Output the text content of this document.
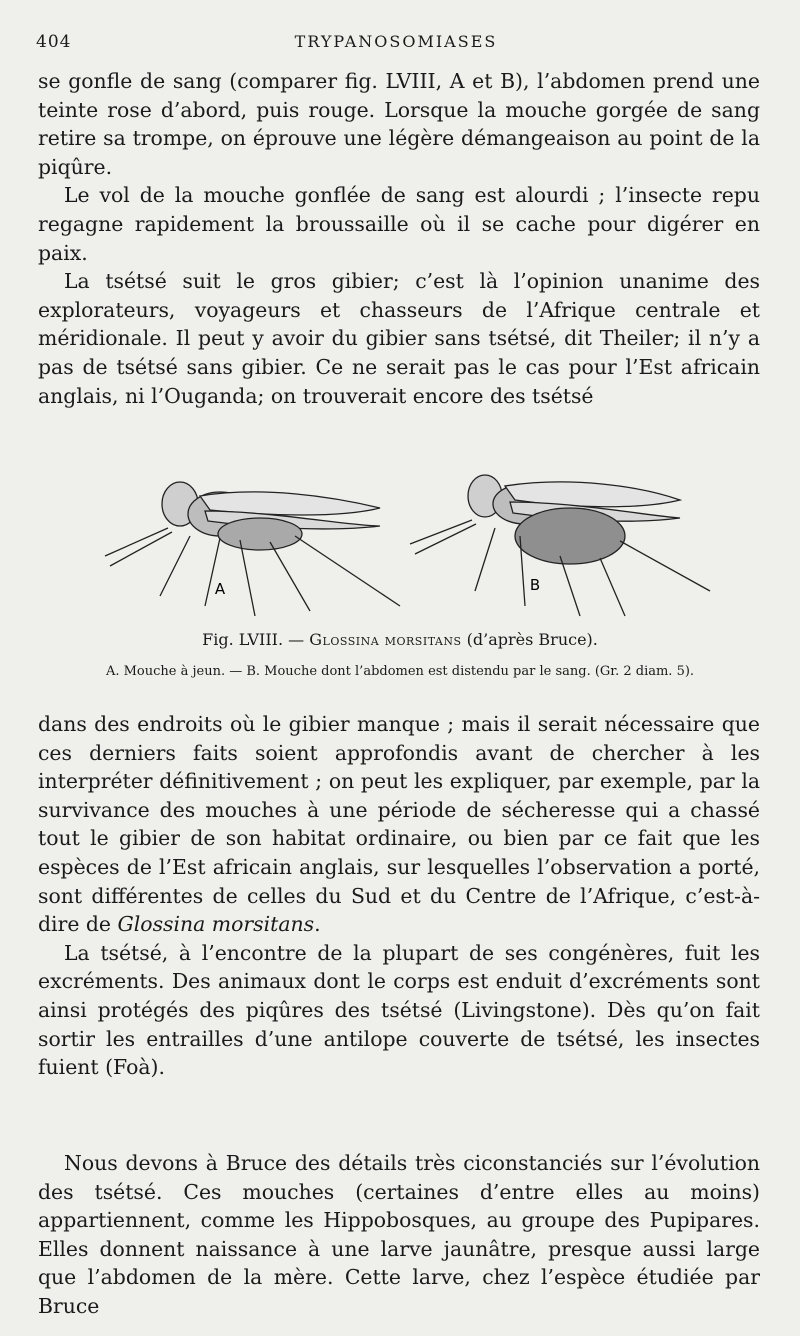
404	TRYPANOSOMIASES

se gonfle de sang (comparer fig. LVIII, A et B), l’abdomen prend une teinte rose d’abord, puis rouge. Lorsque la mouche gorgée de sang retire sa trompe, on éprouve une légère démangeaison au point de la piqûre.

Le vol de la mouche gonflée de sang est alourdi ; l’insecte repu regagne rapidement la broussaille où il se cache pour digérer en paix.

La tsétsé suit le gros gibier; c’est là l’opinion unanime des explorateurs, voyageurs et chasseurs de l’Afrique centrale et méridionale. Il peut y avoir du gibier sans tsétsé, dit Theiler; il n’y a pas de tsétsé sans gibier. Ce ne serait pas le cas pour l’Est africain anglais, ni l’Ouganda; on trouverait encore des tsétsé

A	B
Fig. LVIII. — Glossina morsitans (d’après Bruce).
A. Mouche à jeun. — B. Mouche dont l’abdomen est distendu par le sang. (Gr. 2 diam. 5).

dans des endroits où le gibier manque ; mais il serait nécessaire que ces derniers faits soient approfondis avant de chercher à les interpréter définitivement ; on peut les expliquer, par exemple, par la survivance des mouches à une période de sécheresse qui a chassé tout le gibier de son habitat ordinaire, ou bien par ce fait que les espèces de l’Est africain anglais, sur lesquelles l’observation a porté, sont différentes de celles du Sud et du Centre de l’Afrique, c’est-à-dire de Glossina morsitans.

La tsétsé, à l’encontre de la plupart de ses congénères, fuit les excréments. Des animaux dont le corps est enduit d’excréments sont ainsi protégés des piqûres des tsétsé (Livingstone). Dès qu’on fait sortir les entrailles d’une antilope couverte de tsétsé, les insectes fuient (Foà).

Nous devons à Bruce des détails très ciconstanciés sur l’évolution des tsétsé. Ces mouches (certaines d’entre elles au moins) appartiennent, comme les Hippobosques, au groupe des Pupipares. Elles donnent naissance à une larve jaunâtre, presque aussi large que l’abdomen de la mère. Cette larve, chez l’espèce étudiée par Bruce
